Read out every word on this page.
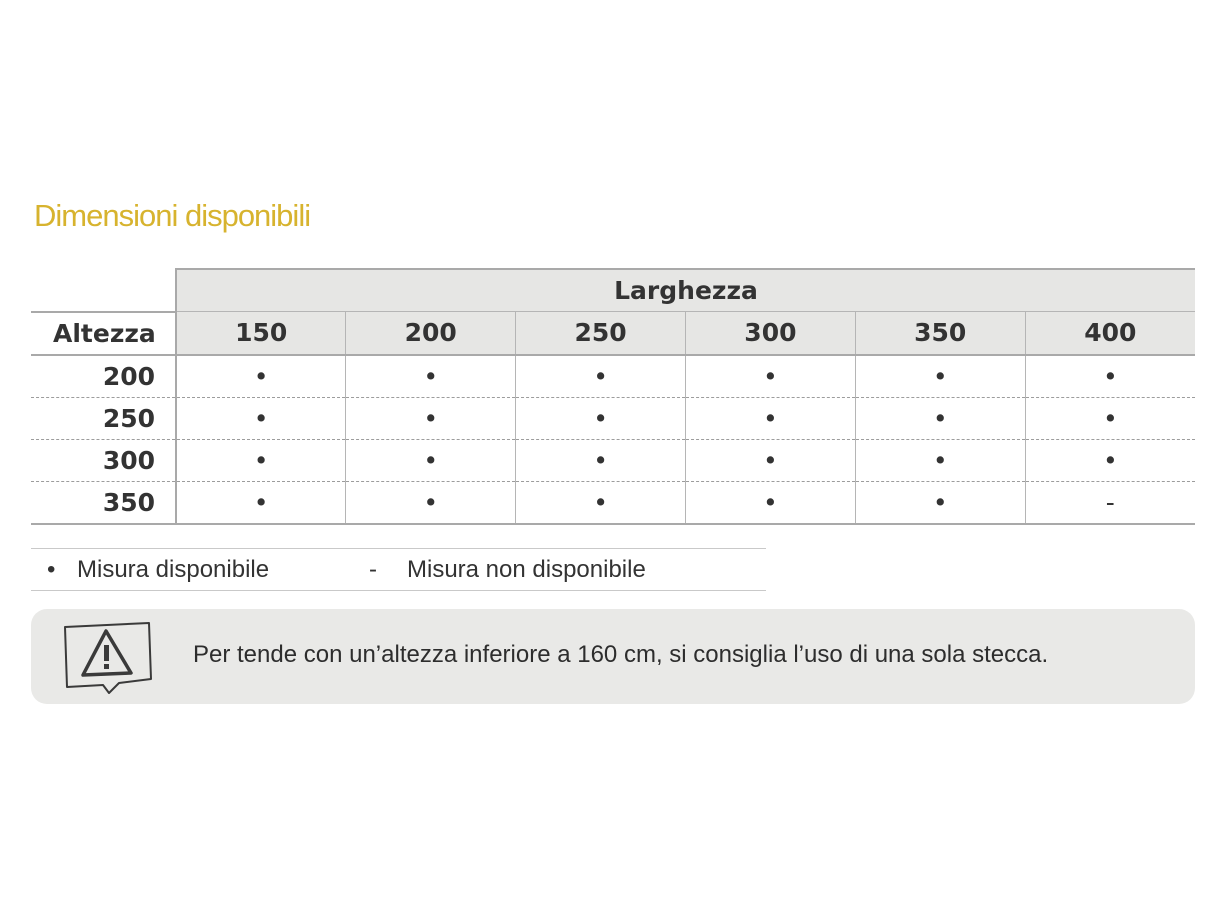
Dimensioni disponibili
	Larghezza					
Altezza	150	200	250	300	350	400
200	•	•	•	•	•	•
250	•	•	•	•	•	•
300	•	•	•	•	•	•
350	•	•	•	•	•	-
• Misura disponibile	- Misura non disponibile
Per tende con un’altezza inferiore a 160 cm, si consiglia l’uso di una sola stecca.
